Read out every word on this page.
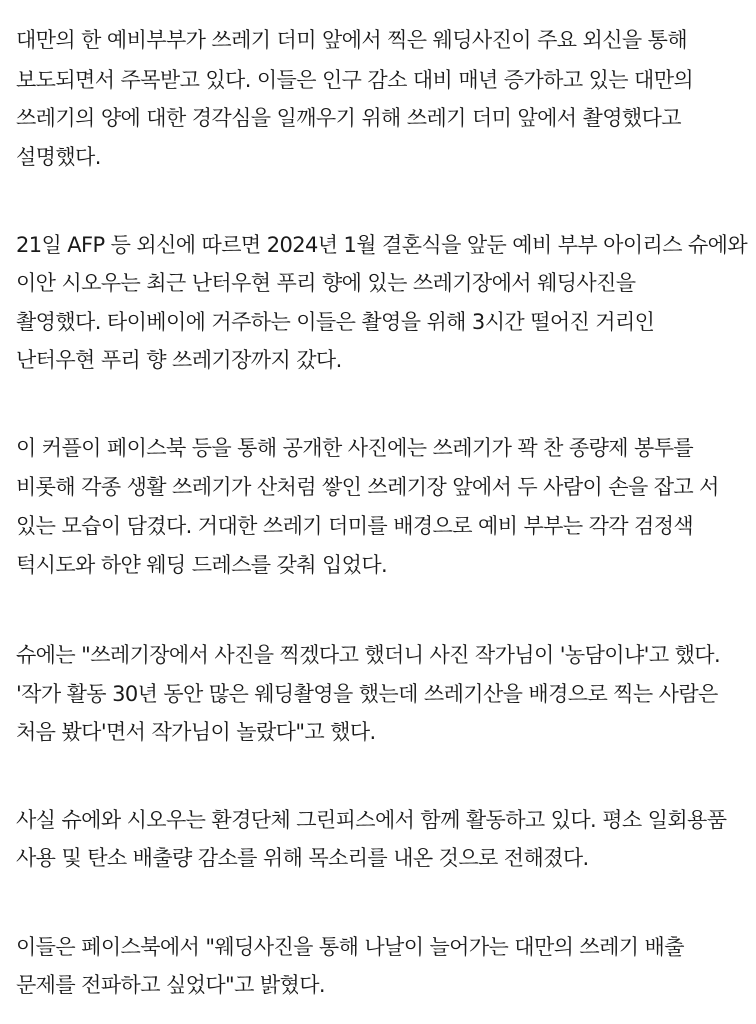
대만의 한 예비부부가 쓰레기 더미 앞에서 찍은 웨딩사진이 주요 외신을 통해
보도되면서 주목받고 있다. 이들은 인구 감소 대비 매년 증가하고 있는 대만의
쓰레기의 양에 대한 경각심을 일깨우기 위해 쓰레기 더미 앞에서 촬영했다고
설명했다.
21일 AFP 등 외신에 따르면 2024년 1월 결혼식을 앞둔 예비 부부 아이리스 슈에와
이안 시오우는 최근 난터우현 푸리 향에 있는 쓰레기장에서 웨딩사진을
촬영했다. 타이베이에 거주하는 이들은 촬영을 위해 3시간 떨어진 거리인
난터우현 푸리 향 쓰레기장까지 갔다.
이 커플이 페이스북 등을 통해 공개한 사진에는 쓰레기가 꽉 찬 종량제 봉투를
비롯해 각종 생활 쓰레기가 산처럼 쌓인 쓰레기장 앞에서 두 사람이 손을 잡고 서
있는 모습이 담겼다. 거대한 쓰레기 더미를 배경으로 예비 부부는 각각 검정색
턱시도와 하얀 웨딩 드레스를 갖춰 입었다.
슈에는 "쓰레기장에서 사진을 찍겠다고 했더니 사진 작가님이 '농담이냐'고 했다.
'작가 활동 30년 동안 많은 웨딩촬영을 했는데 쓰레기산을 배경으로 찍는 사람은
처음 봤다'면서 작가님이 놀랐다"고 했다.
사실 슈에와 시오우는 환경단체 그린피스에서 함께 활동하고 있다. 평소 일회용품
사용 및 탄소 배출량 감소를 위해 목소리를 내온 것으로 전해졌다.
이들은 페이스북에서 "웨딩사진을 통해 나날이 늘어가는 대만의 쓰레기 배출
문제를 전파하고 싶었다"고 밝혔다.
